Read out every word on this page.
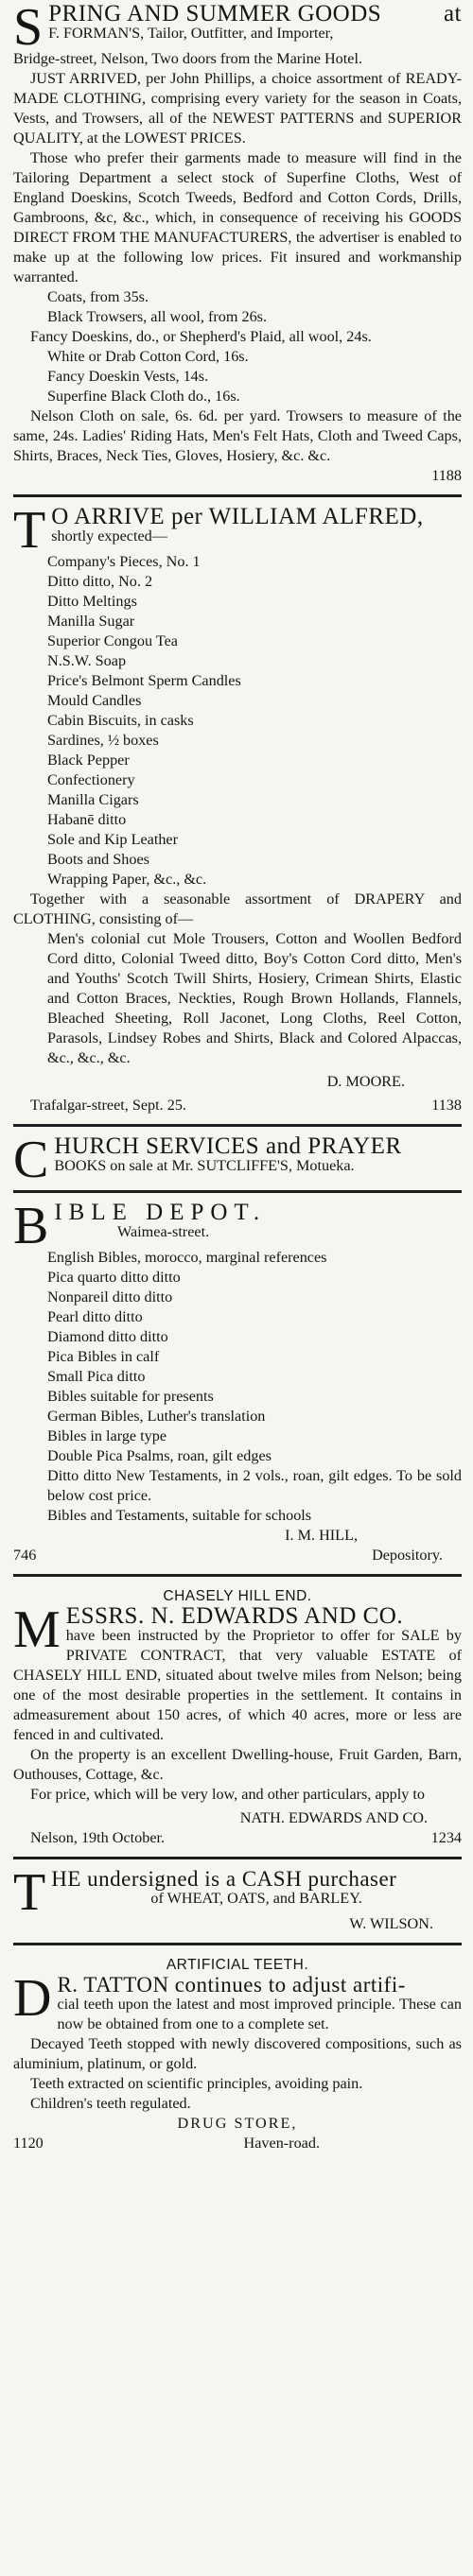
S PRING AND SUMMER GOODS	at

F. FORMAN'S, Tailor, Outfitter, and Importer,

Bridge-street, Nelson, Two doors from the Marine Hotel.

JUST ARRIVED, per John Phillips, a choice assortment of READY-MADE CLOTHING, comprising every variety for the season in Coats, Vests, and Trowsers, all of the NEWEST PATTERNS and SUPERIOR QUALITY, at the LOWEST PRICES.

Those who prefer their garments made to measure will find in the Tailoring Department a select stock of Superfine Cloths, West of England Doeskins, Scotch Tweeds, Bedford and Cotton Cords, Drills, Gambroons, &c, &c., which, in consequence of receiving his GOODS DIRECT FROM THE MANUFACTURERS, the advertiser is enabled to make up at the following low prices. Fit insured and workmanship warranted.

Coats, from 35s.

Black Trowsers, all wool, from 26s.

Fancy Doeskins, do., or Shepherd's Plaid, all wool, 24s.

White or Drab Cotton Cord, 16s.

Fancy Doeskin Vests, 14s.

Superfine Black Cloth do., 16s.

Nelson Cloth on sale, 6s. 6d. per yard. Trowsers to measure of the same, 24s. Ladies' Riding Hats, Men's Felt Hats, Cloth and Tweed Caps, Shirts, Braces, Neck Ties, Gloves, Hosiery, &c. &c.

1188

T O ARRIVE per WILLIAM ALFRED,

shortly expected—

Company's Pieces, No. 1

Ditto ditto, No. 2

Ditto Meltings

Manilla Sugar

Superior Congou Tea

N.S.W. Soap

Price's Belmont Sperm Candles

Mould Candles

Cabin Biscuits, in casks

Sardines, ½ boxes

Black Pepper

Confectionery

Manilla Cigars

Habanē ditto

Sole and Kip Leather

Boots and Shoes

Wrapping Paper, &c., &c.

Together with a seasonable assortment of DRAPERY and CLOTHING, consisting of—

Men's colonial cut Mole Trousers, Cotton and Woollen Bedford Cord ditto, Colonial Tweed ditto, Boy's Cotton Cord ditto, Men's and Youths' Scotch Twill Shirts, Hosiery, Crimean Shirts, Elastic and Cotton Braces, Neckties, Rough Brown Hollands, Flannels, Bleached Sheeting, Roll Jaconet, Long Cloths, Reel Cotton, Parasols, Lindsey Robes and Shirts, Black and Colored Alpaccas, &c., &c., &c.

D. MOORE.

Trafalgar-street, Sept. 25.	1138
C HURCH SERVICES and PRAYER

BOOKS on sale at Mr. SUTCLIFFE'S, Motueka.

B IBLE DEPOT.

Waimea-street.

English Bibles, morocco, marginal references

Pica quarto ditto ditto

Nonpareil ditto ditto

Pearl ditto ditto

Diamond ditto ditto

Pica Bibles in calf

Small Pica ditto

Bibles suitable for presents

German Bibles, Luther's translation

Bibles in large type

Double Pica Psalms, roan, gilt edges

Ditto ditto New Testaments, in 2 vols., roan, gilt edges. To be sold below cost price.

Bibles and Testaments, suitable for schools

I. M. HILL,

746	Depository.

CHASELY HILL END.

M ESSRS. N. EDWARDS AND CO.

have been instructed by the Proprietor to offer for SALE by PRIVATE CONTRACT, that very valuable ESTATE of CHASELY HILL END, situated about twelve miles from Nelson; being one of the most desirable properties in the settlement. It contains in admeasurement about 150 acres, of which 40 acres, more or less are fenced in and cultivated.

On the property is an excellent Dwelling-house, Fruit Garden, Barn, Outhouses, Cottage, &c.

For price, which will be very low, and other particulars, apply to

NATH. EDWARDS AND CO.

Nelson, 19th October.	1234
T HE undersigned is a CASH purchaser

of WHEAT, OATS, and BARLEY.

W. WILSON.

ARTIFICIAL TEETH.

D R. TATTON continues to adjust artifi-

cial teeth upon the latest and most improved principle. These can now be obtained from one to a complete set.

Decayed Teeth stopped with newly discovered compositions, such as aluminium, platinum, or gold.

Teeth extracted on scientific principles, avoiding pain.

Children's teeth regulated.

DRUG STORE,

1120	Haven-road.
